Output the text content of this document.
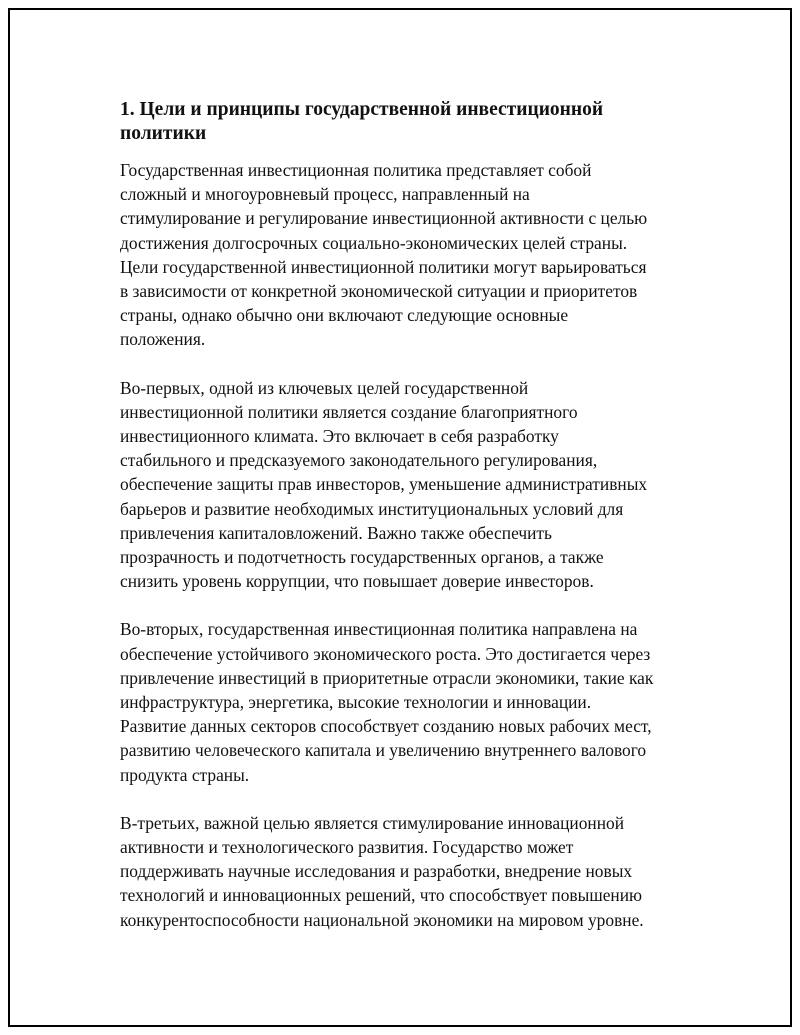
1. Цели и принципы государственной инвестиционной
политики

Государственная инвестиционная политика представляет собой
сложный и многоуровневый процесс, направленный на
стимулирование и регулирование инвестиционной активности с целью
достижения долгосрочных социально-экономических целей страны.
Цели государственной инвестиционной политики могут варьироваться
в зависимости от конкретной экономической ситуации и приоритетов
страны, однако обычно они включают следующие основные
положения.

Во-первых, одной из ключевых целей государственной
инвестиционной политики является создание благоприятного
инвестиционного климата. Это включает в себя разработку
стабильного и предсказуемого законодательного регулирования,
обеспечение защиты прав инвесторов, уменьшение административных
барьеров и развитие необходимых институциональных условий для
привлечения капиталовложений. Важно также обеспечить
прозрачность и подотчетность государственных органов, а также
снизить уровень коррупции, что повышает доверие инвесторов.

Во-вторых, государственная инвестиционная политика направлена на
обеспечение устойчивого экономического роста. Это достигается через
привлечение инвестиций в приоритетные отрасли экономики, такие как
инфраструктура, энергетика, высокие технологии и инновации.
Развитие данных секторов способствует созданию новых рабочих мест,
развитию человеческого капитала и увеличению внутреннего валового
продукта страны.

В-третьих, важной целью является стимулирование инновационной
активности и технологического развития. Государство может
поддерживать научные исследования и разработки, внедрение новых
технологий и инновационных решений, что способствует повышению
конкурентоспособности национальной экономики на мировом уровне.
